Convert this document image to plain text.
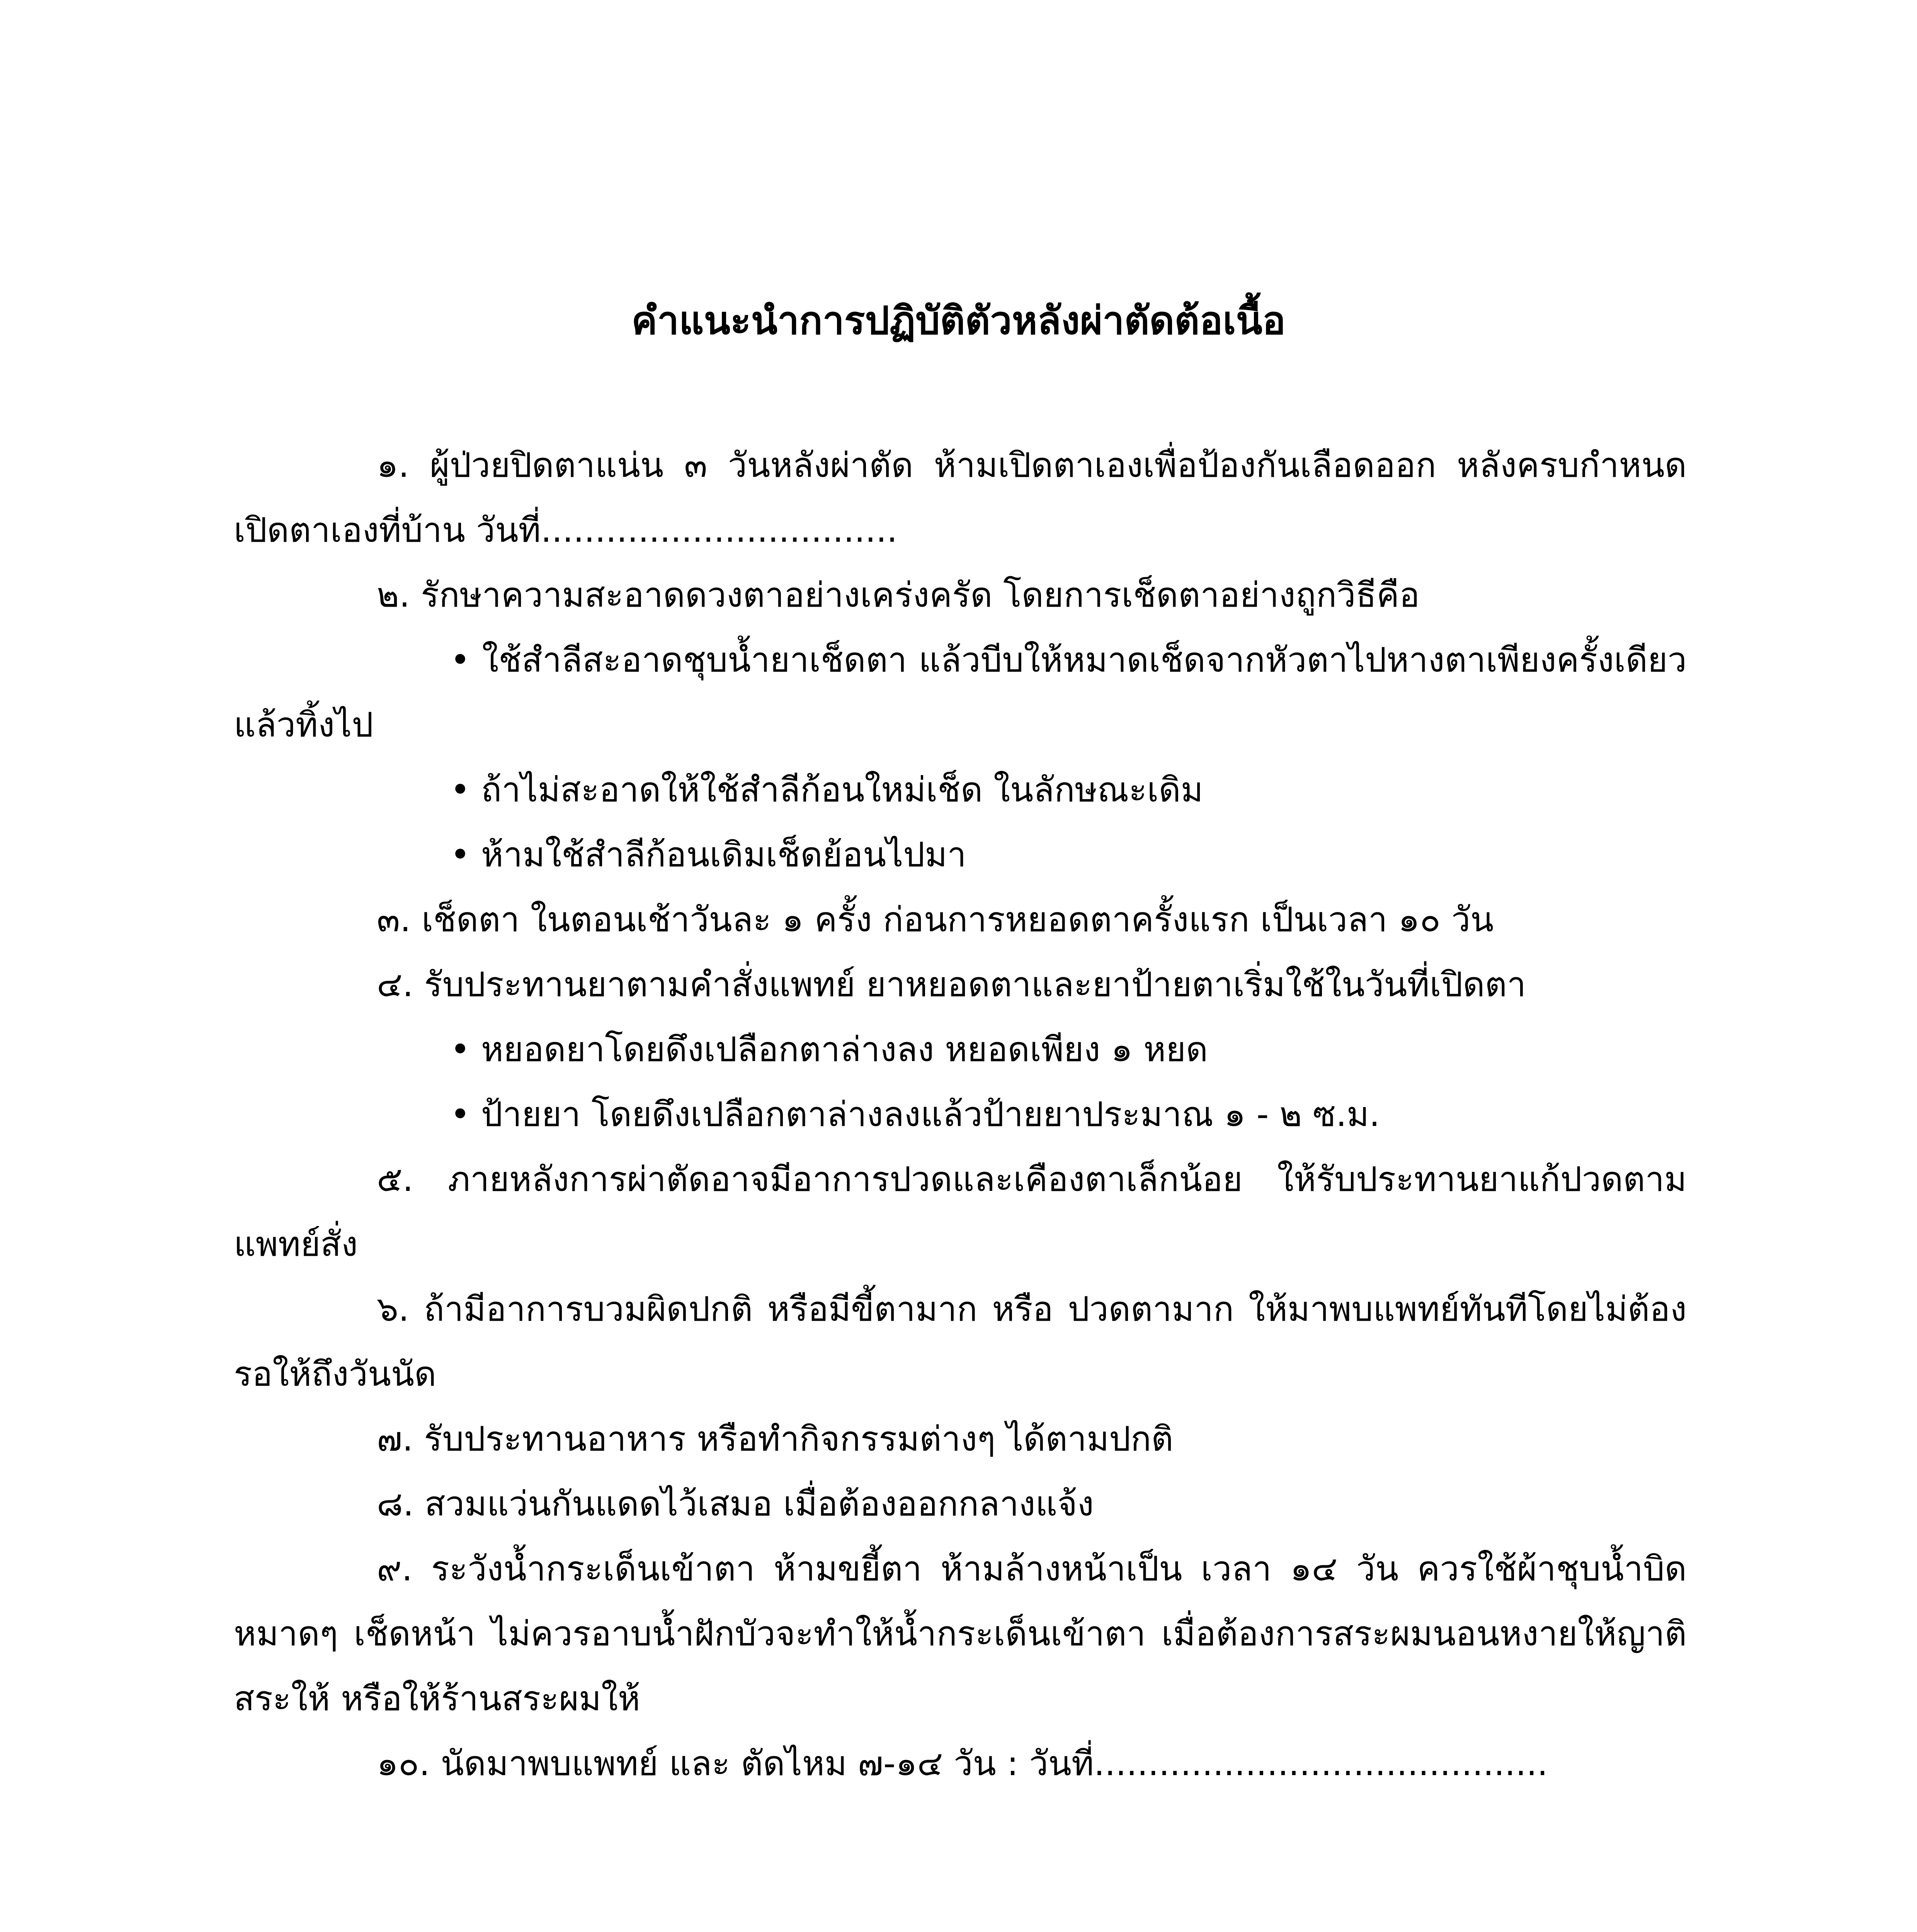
คำแนะนำการปฏิบัติตัวหลังผ่าตัดต้อเนื้อ

๑. ผู้ป่วยปิดตาแน่น ๓ วันหลังผ่าตัด ห้ามเปิดตาเองเพื่อป้องกันเลือดออก หลังครบกำหนด เปิดตาเองที่บ้าน วันที่.................................

๒. รักษาความสะอาดดวงตาอย่างเคร่งครัด โดยการเช็ดตาอย่างถูกวิธีคือ

• ใช้สำลีสะอาดชุบน้ำยาเช็ดตา แล้วบีบให้หมาดเช็ดจากหัวตาไปหางตาเพียงครั้งเดียวแล้วทิ้งไป

• ถ้าไม่สะอาดให้ใช้สำลีก้อนใหม่เช็ด ในลักษณะเดิม

• ห้ามใช้สำลีก้อนเดิมเช็ดย้อนไปมา

๓. เช็ดตา ในตอนเช้าวันละ ๑ ครั้ง ก่อนการหยอดตาครั้งแรก เป็นเวลา ๑๐ วัน

๔. รับประทานยาตามคำสั่งแพทย์ ยาหยอดตาและยาป้ายตาเริ่มใช้ในวันที่เปิดตา

• หยอดยาโดยดึงเปลือกตาล่างลง หยอดเพียง ๑ หยด

• ป้ายยา โดยดึงเปลือกตาล่างลงแล้วป้ายยาประมาณ ๑ - ๒ ซ.ม.

๕. ภายหลังการผ่าตัดอาจมีอาการปวดและเคืองตาเล็กน้อย ให้รับประทานยาแก้ปวดตามแพทย์สั่ง

๖. ถ้ามีอาการบวมผิดปกติ หรือมีขี้ตามาก หรือ ปวดตามาก ให้มาพบแพทย์ทันทีโดยไม่ต้องรอให้ถึงวันนัด

๗. รับประทานอาหาร หรือทำกิจกรรมต่างๆ ได้ตามปกติ

๘. สวมแว่นกันแดดไว้เสมอ เมื่อต้องออกกลางแจ้ง

๙. ระวังน้ำกระเด็นเข้าตา ห้ามขยี้ตา ห้ามล้างหน้าเป็น เวลา ๑๔ วัน ควรใช้ผ้าชุบน้ำบิดหมาดๆ เช็ดหน้า ไม่ควรอาบน้ำฝักบัวจะทำให้น้ำกระเด็นเข้าตา เมื่อต้องการสระผมนอนหงายให้ญาติสระให้ หรือให้ร้านสระผมให้

๑๐. นัดมาพบแพทย์ และ ตัดไหม ๗-๑๔ วัน : วันที่..........................................
